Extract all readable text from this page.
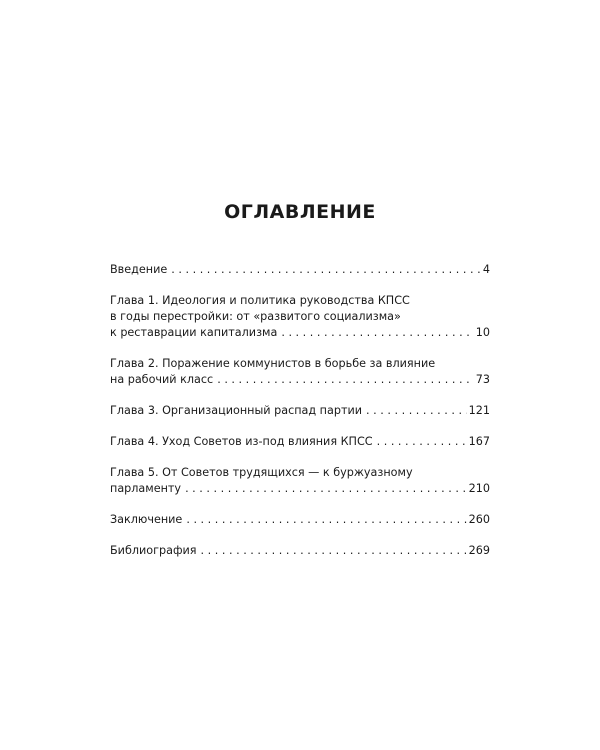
ОГЛАВЛЕНИЕ
Введение . . .	4
Глава 1. Идеология и политика руководства КПСС
в годы перестройки: от «развитого социализма»
к реставрации капитализма . . .	10
Глава 2. Поражение коммунистов в борьбе за влияние
на рабочий класс . . .	73
Глава 3. Организационный распад партии . . .	121
Глава 4. Уход Советов из-под влияния КПСС . . .	167
Глава 5. От Советов трудящихся — к буржуазному
парламенту . . .	210
Заключение . . .	260
Библиография . . .	269
